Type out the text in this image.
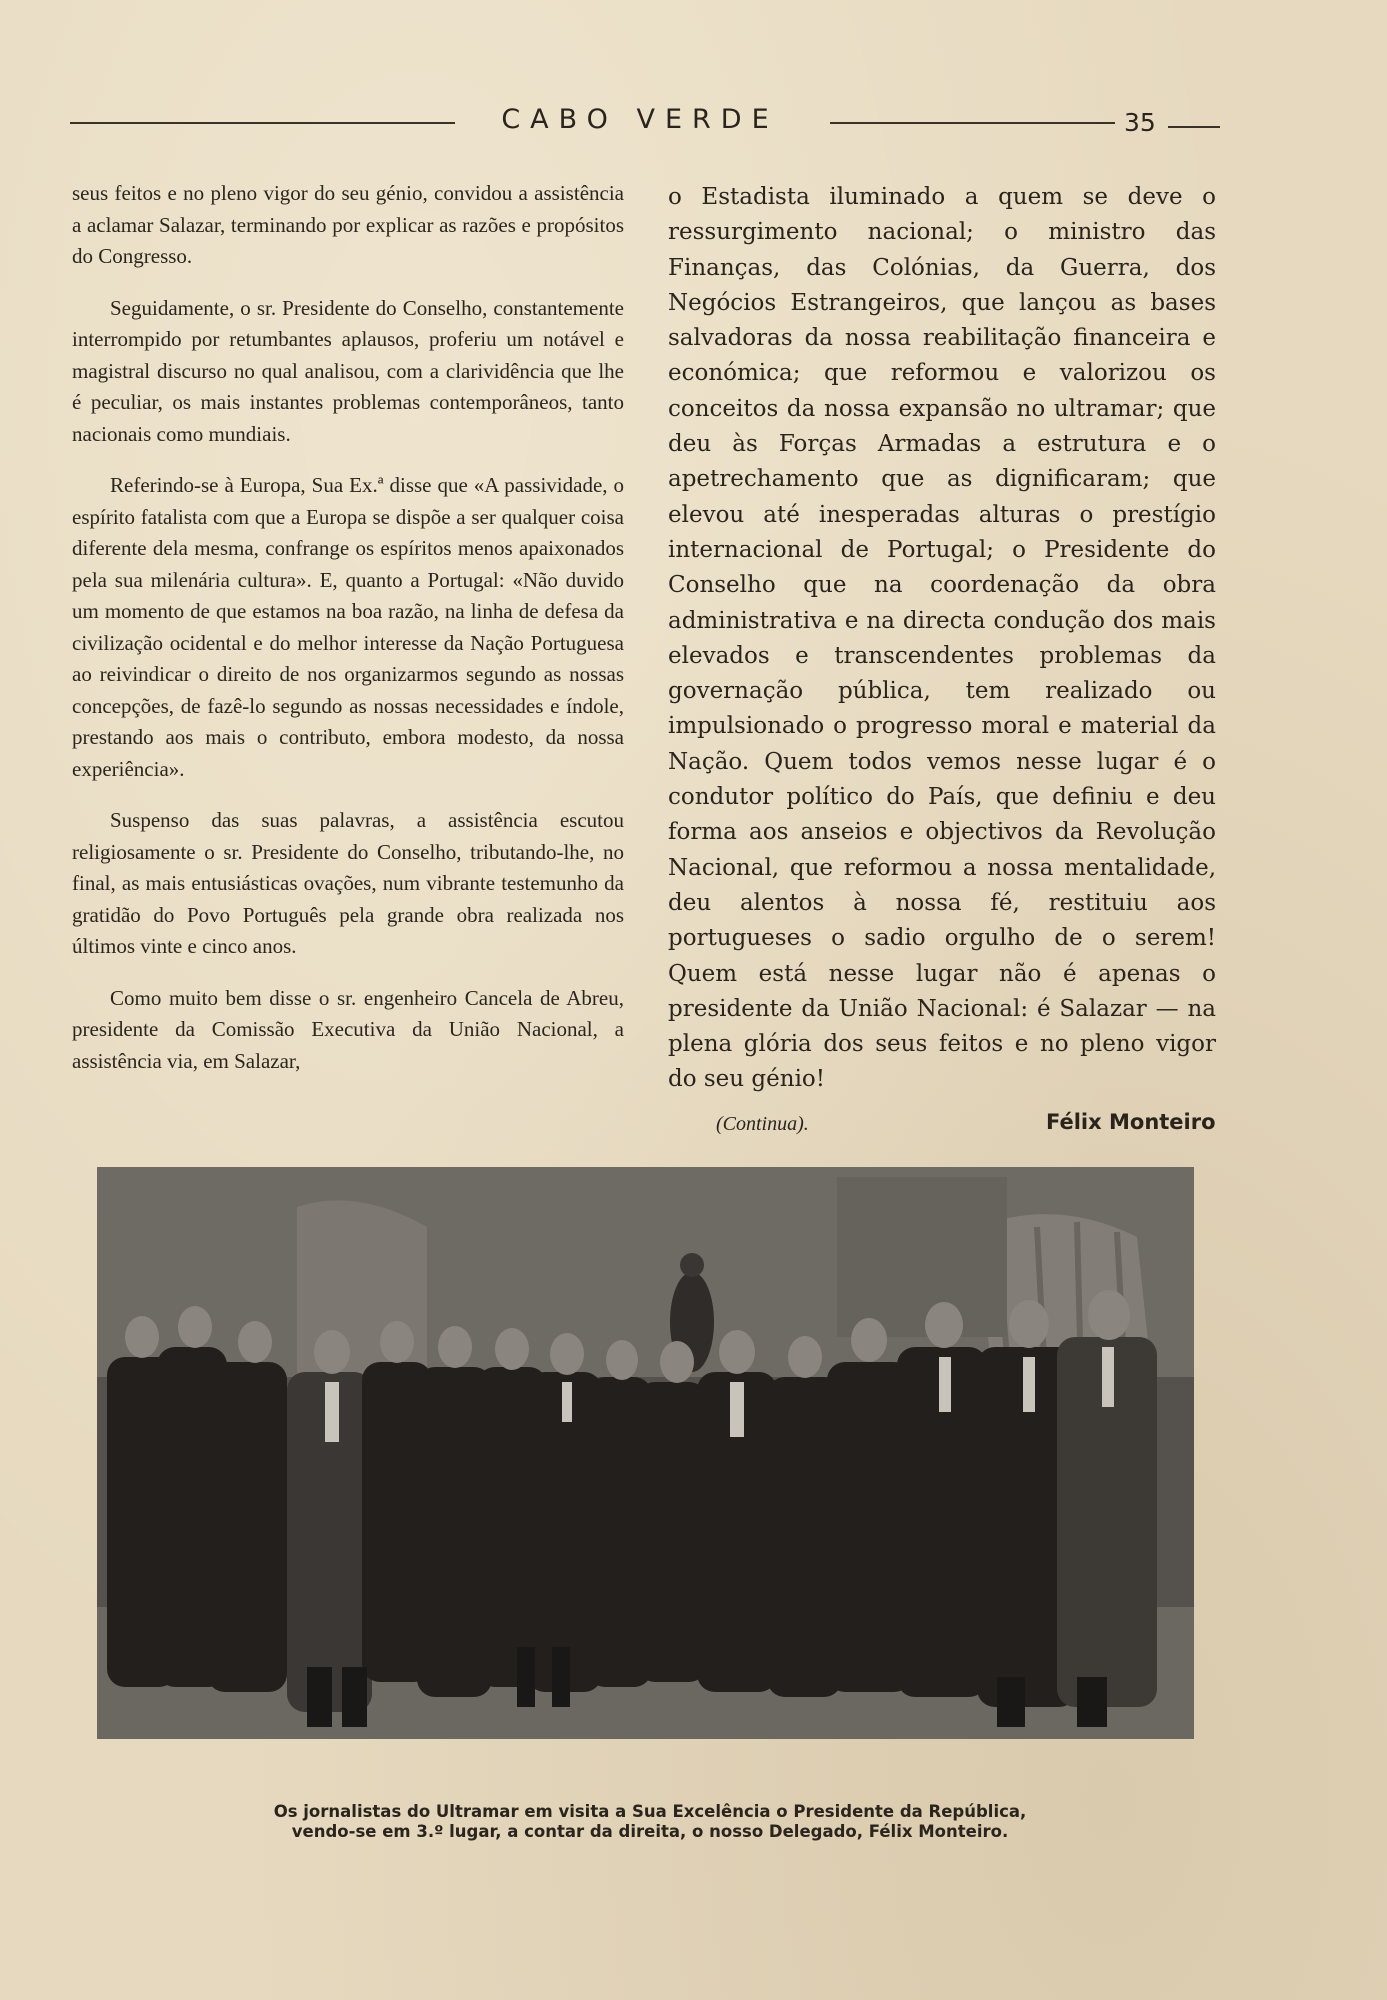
CABO VERDE	35

seus feitos e no pleno vigor do seu génio, convidou a assistência a aclamar Salazar, terminando por explicar as razões e propósitos do Congresso.

Seguidamente, o sr. Presidente do Conselho, constantemente interrompido por retumbantes aplausos, proferiu um notável e magistral discurso no qual analisou, com a clarividência que lhe é peculiar, os mais instantes problemas contemporâneos, tanto nacionais como mundiais.

Referindo-se à Europa, Sua Ex.ª disse que «A passividade, o espírito fatalista com que a Europa se dispõe a ser qualquer coisa diferente dela mesma, confrange os espíritos menos apaixonados pela sua milenária cultura». E, quanto a Portugal: «Não duvido um momento de que estamos na boa razão, na linha de defesa da civilização ocidental e do melhor interesse da Nação Portuguesa ao reivindicar o direito de nos organizarmos segundo as nossas concepções, de fazê-lo segundo as nossas necessidades e índole, prestando aos mais o contributo, embora modesto, da nossa experiência».

Suspenso das suas palavras, a assistência escutou religiosamente o sr. Presidente do Conselho, tributando-lhe, no final, as mais entusiásticas ovações, num vibrante testemunho da gratidão do Povo Português pela grande obra realizada nos últimos vinte e cinco anos.

Como muito bem disse o sr. engenheiro Cancela de Abreu, presidente da Comissão Executiva da União Nacional, a assistência via, em Salazar,

o Estadista iluminado a quem se deve o ressurgimento nacional; o ministro das Finanças, das Colónias, da Guerra, dos Negócios Estrangeiros, que lançou as bases salvadoras da nossa reabilitação financeira e económica; que reformou e valorizou os conceitos da nossa expansão no ultramar; que deu às Forças Armadas a estrutura e o apetrechamento que as dignificaram; que elevou até inesperadas alturas o prestígio internacional de Portugal; o Presidente do Conselho que na coordenação da obra administrativa e na directa condução dos mais elevados e transcendentes problemas da governação pública, tem realizado ou impulsionado o progresso moral e material da Nação. Quem todos vemos nesse lugar é o condutor político do País, que definiu e deu forma aos anseios e objectivos da Revolução Nacional, que reformou a nossa mentalidade, deu alentos à nossa fé, restituiu aos portugueses o sadio orgulho de o serem! Quem está nesse lugar não é apenas o presidente da União Nacional: é Salazar — na plena glória dos seus feitos e no pleno vigor do seu génio!

(Continua).	Félix Monteiro
Os jornalistas do Ultramar em visita a Sua Excelência o Presidente da República,
vendo-se em 3.º lugar, a contar da direita, o nosso Delegado, Félix Monteiro.
